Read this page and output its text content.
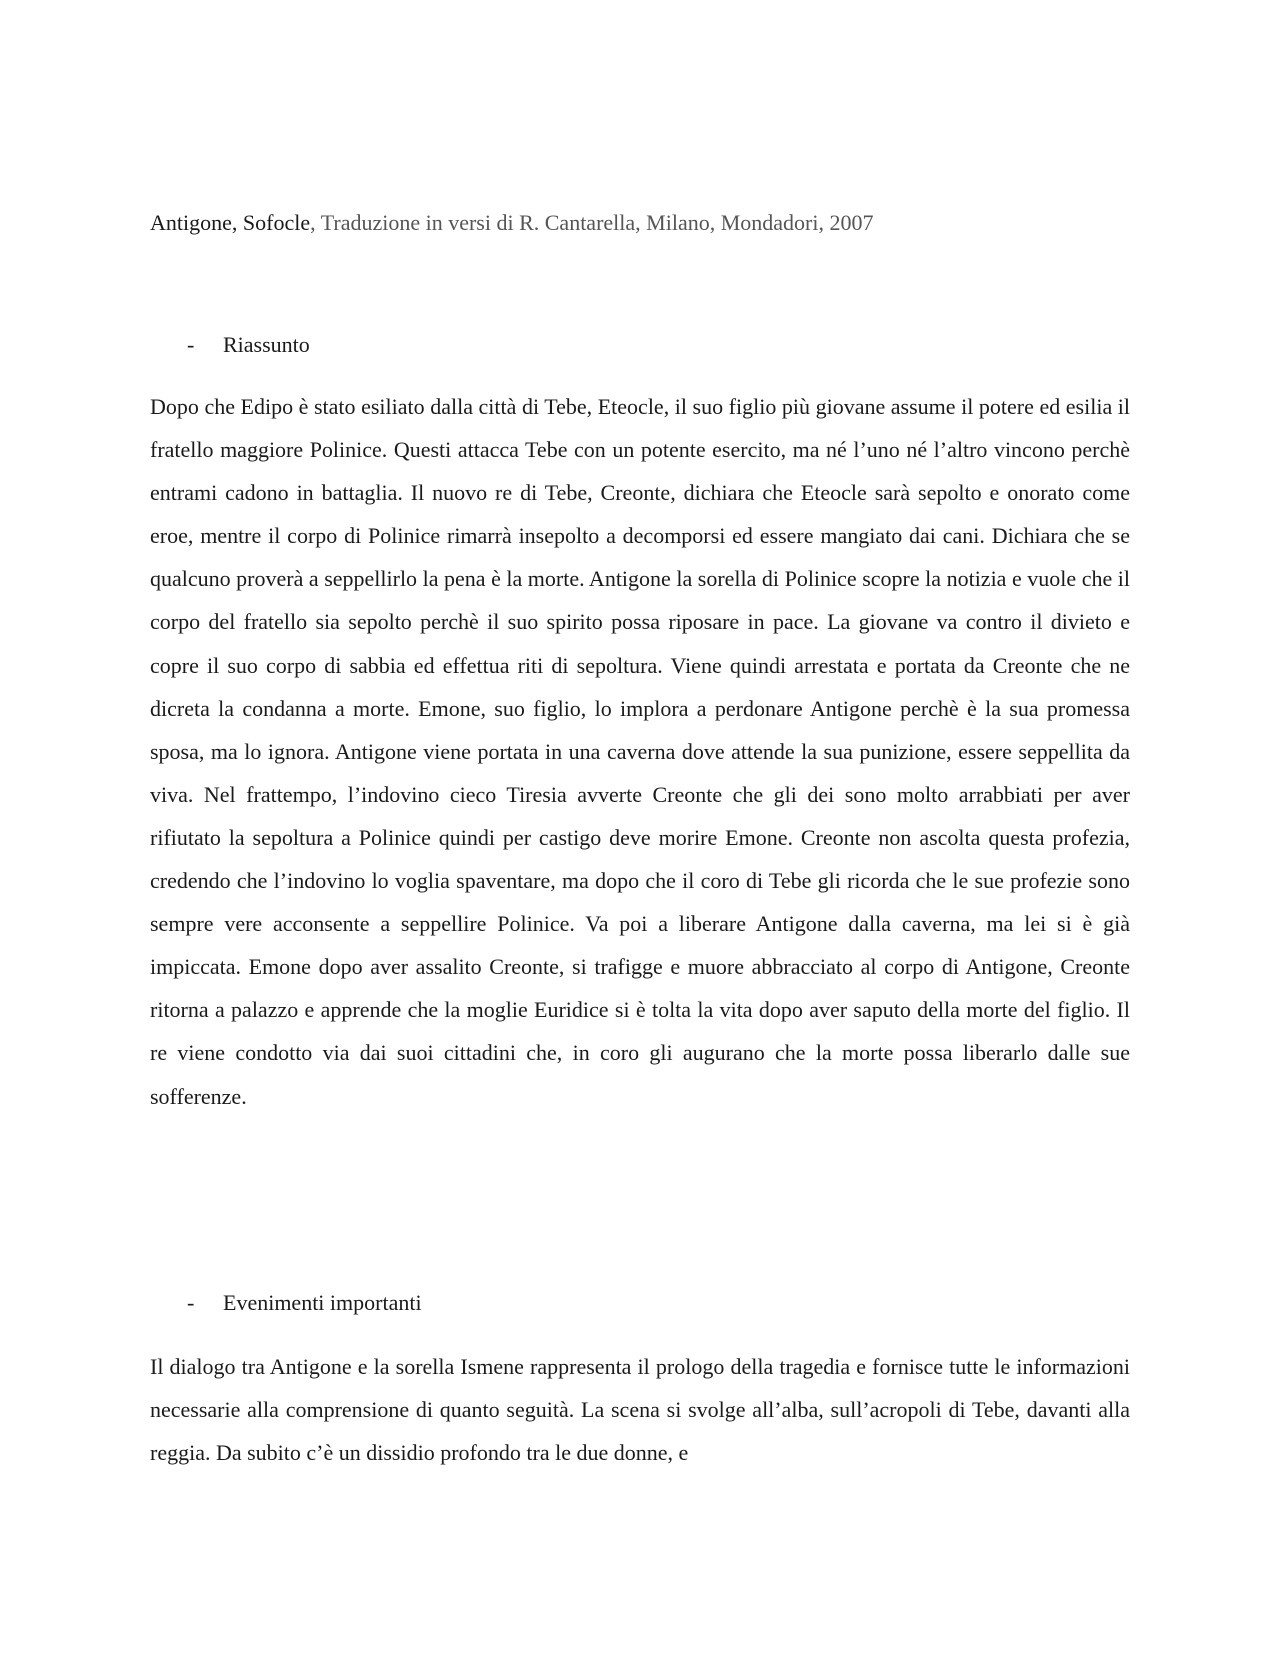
Antigone, Sofocle, Traduzione in versi di R. Cantarella, Milano, Mondadori, 2007
- Riassunto

Dopo che Edipo è stato esiliato dalla città di Tebe, Eteocle, il suo figlio più giovane assume il potere ed esilia il fratello maggiore Polinice. Questi attacca Tebe con un potente esercito, ma né l’uno né l’altro vincono perchè entrami cadono in battaglia. Il nuovo re di Tebe, Creonte, dichiara che Eteocle sarà sepolto e onorato come eroe, mentre il corpo di Polinice rimarrà insepolto a decomporsi ed essere mangiato dai cani. Dichiara che se qualcuno proverà a seppellirlo la pena è la morte. Antigone la sorella di Polinice scopre la notizia e vuole che il corpo del fratello sia sepolto perchè il suo spirito possa riposare in pace. La giovane va contro il divieto e copre il suo corpo di sabbia ed effettua riti di sepoltura. Viene quindi arrestata e portata da Creonte che ne dicreta la condanna a morte. Emone, suo figlio, lo implora a perdonare Antigone perchè è la sua promessa sposa, ma lo ignora. Antigone viene portata in una caverna dove attende la sua punizione, essere seppellita da viva. Nel frattempo, l’indovino cieco Tiresia avverte Creonte che gli dei sono molto arrabbiati per aver rifiutato la sepoltura a Polinice quindi per castigo deve morire Emone. Creonte non ascolta questa profezia, credendo che l’indovino lo voglia spaventare, ma dopo che il coro di Tebe gli ricorda che le sue profezie sono sempre vere acconsente a seppellire Polinice. Va poi a liberare Antigone dalla caverna, ma lei si è già impiccata. Emone dopo aver assalito Creonte, si trafigge e muore abbracciato al corpo di Antigone, Creonte ritorna a palazzo e apprende che la moglie Euridice si è tolta la vita dopo aver saputo della morte del figlio. Il re viene condotto via dai suoi cittadini che, in coro gli augurano che la morte possa liberarlo dalle sue sofferenze.

- Evenimenti importanti

Il dialogo tra Antigone e la sorella Ismene rappresenta il prologo della tragedia e fornisce tutte le informazioni necessarie alla comprensione di quanto seguità. La scena si svolge all’alba, sull’acropoli di Tebe, davanti alla reggia. Da subito c’è un dissidio profondo tra le due donne, e
